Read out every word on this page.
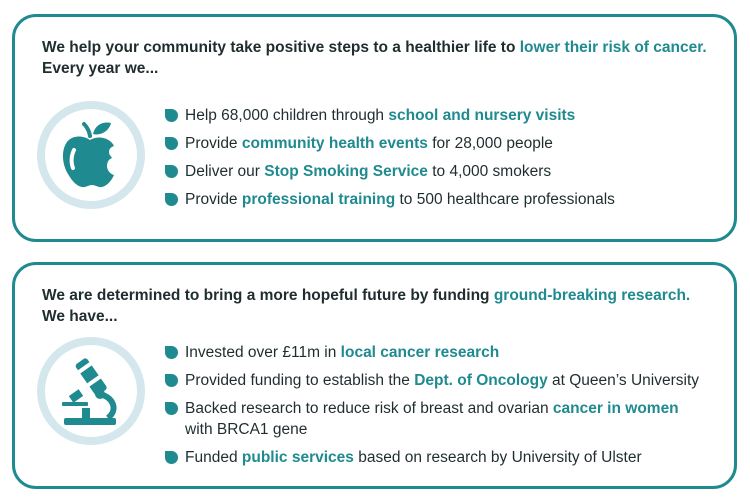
We help your community take positive steps to a healthier life to lower their risk of cancer.
Every year we...

Help 68,000 children through school and nursery visits
Provide community health events for 28,000 people
Deliver our Stop Smoking Service to 4,000 smokers
Provide professional training to 500 healthcare professionals

We are determined to bring a more hopeful future by funding ground-breaking research.
We have...

Invested over £11m in local cancer research
Provided funding to establish the Dept. of Oncology at Queen’s University
Backed research to reduce risk of breast and ovarian cancer in women with BRCA1 gene
Funded public services based on research by University of Ulster
